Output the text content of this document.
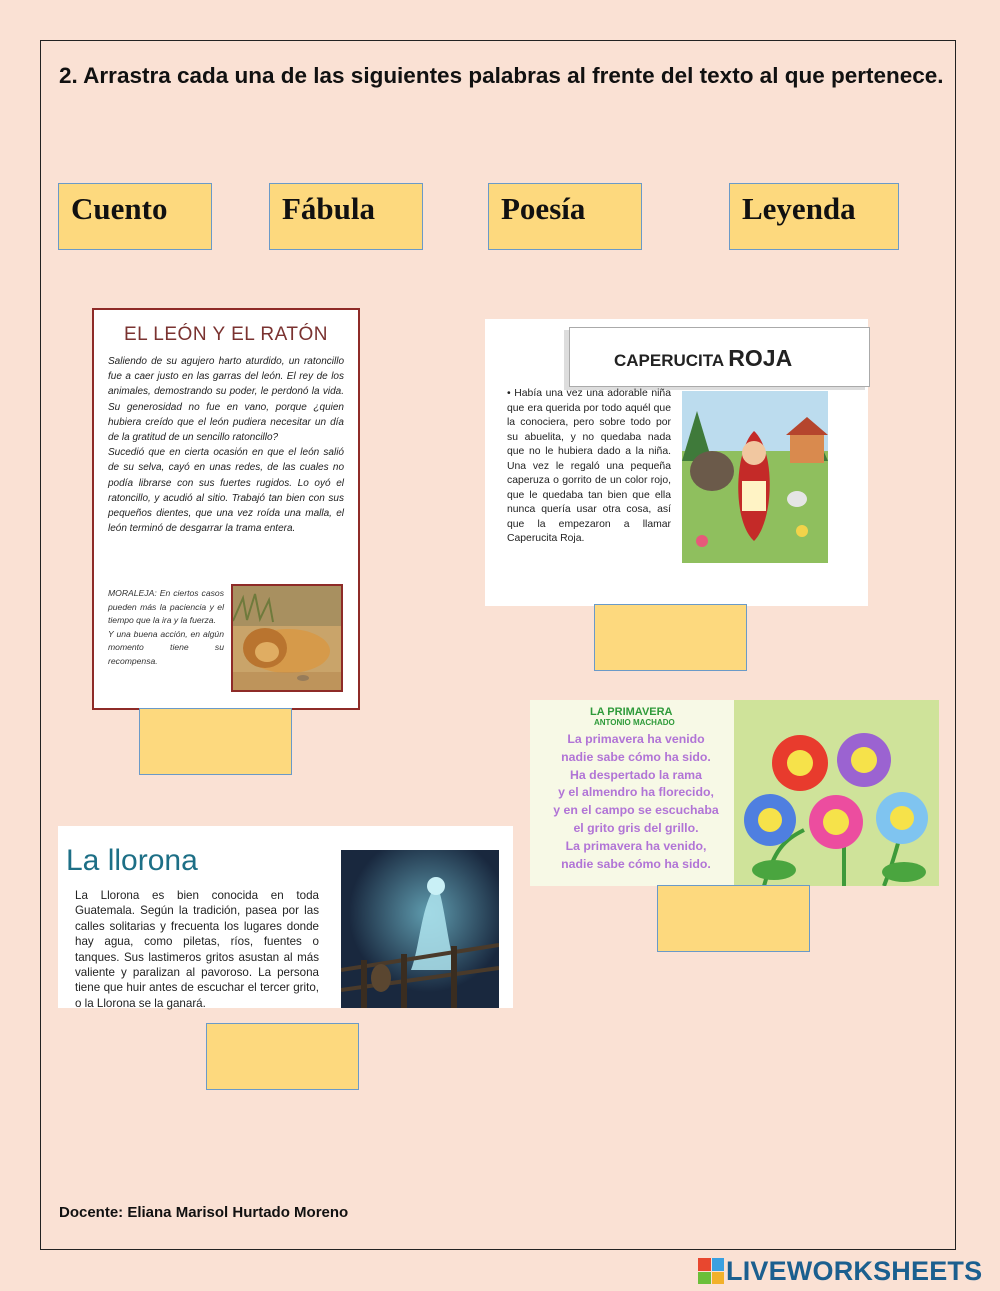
2. Arrastra cada una de las siguientes palabras al frente del texto al que pertenece.
Cuento	Fábula	Poesía	Leyenda
EL LEÓN Y EL RATÓN
Saliendo de su agujero harto aturdido, un ratoncillo fue a caer justo en las garras del león. El rey de los animales, demostrando su poder, le perdonó la vida. Su generosidad no fue en vano, porque ¿quien hubiera creído que el león pudiera necesitar un día de la gratitud de un sencillo ratoncillo?
Sucedió que en cierta ocasión en que el león salió de su selva, cayó en unas redes, de las cuales no podía librarse con sus fuertes rugidos. Lo oyó el ratoncillo, y acudió al sitio. Trabajó tan bien con sus pequeños dientes, que una vez roída una malla, el león terminó de desgarrar la trama entera.
MORALEJA: En ciertos casos pueden más la paciencia y el tiempo que la ira y la fuerza.
Y una buena acción, en algún momento tiene su recompensa.
CAPERUCITA ROJA
• Había una vez una adorable niña que era querida por todo aquél que la conociera, pero sobre todo por su abuelita, y no quedaba nada que no le hubiera dado a la niña. Una vez le regaló una pequeña caperuza o gorrito de un color rojo, que le quedaba tan bien que ella nunca quería usar otra cosa, así que la empezaron a llamar Caperucita Roja.
LA PRIMAVERA
ANTONIO MACHADO
La primavera ha venido
nadie sabe cómo ha sido.
Ha despertado la rama
y el almendro ha florecido,
y en el campo se escuchaba
el grito gris del grillo.
La primavera ha venido,
nadie sabe cómo ha sido.
La llorona
La Llorona es bien conocida en toda Guatemala. Según la tradición, pasea por las calles solitarias y frecuenta los lugares donde hay agua, como piletas, ríos, fuentes o tanques. Sus lastimeros gritos asustan al más valiente y paralizan al pavoroso. La persona tiene que huir antes de escuchar el tercer grito, o la Llorona se la ganará.
Docente: Eliana Marisol Hurtado Moreno
LIVEWORKSHEETS
